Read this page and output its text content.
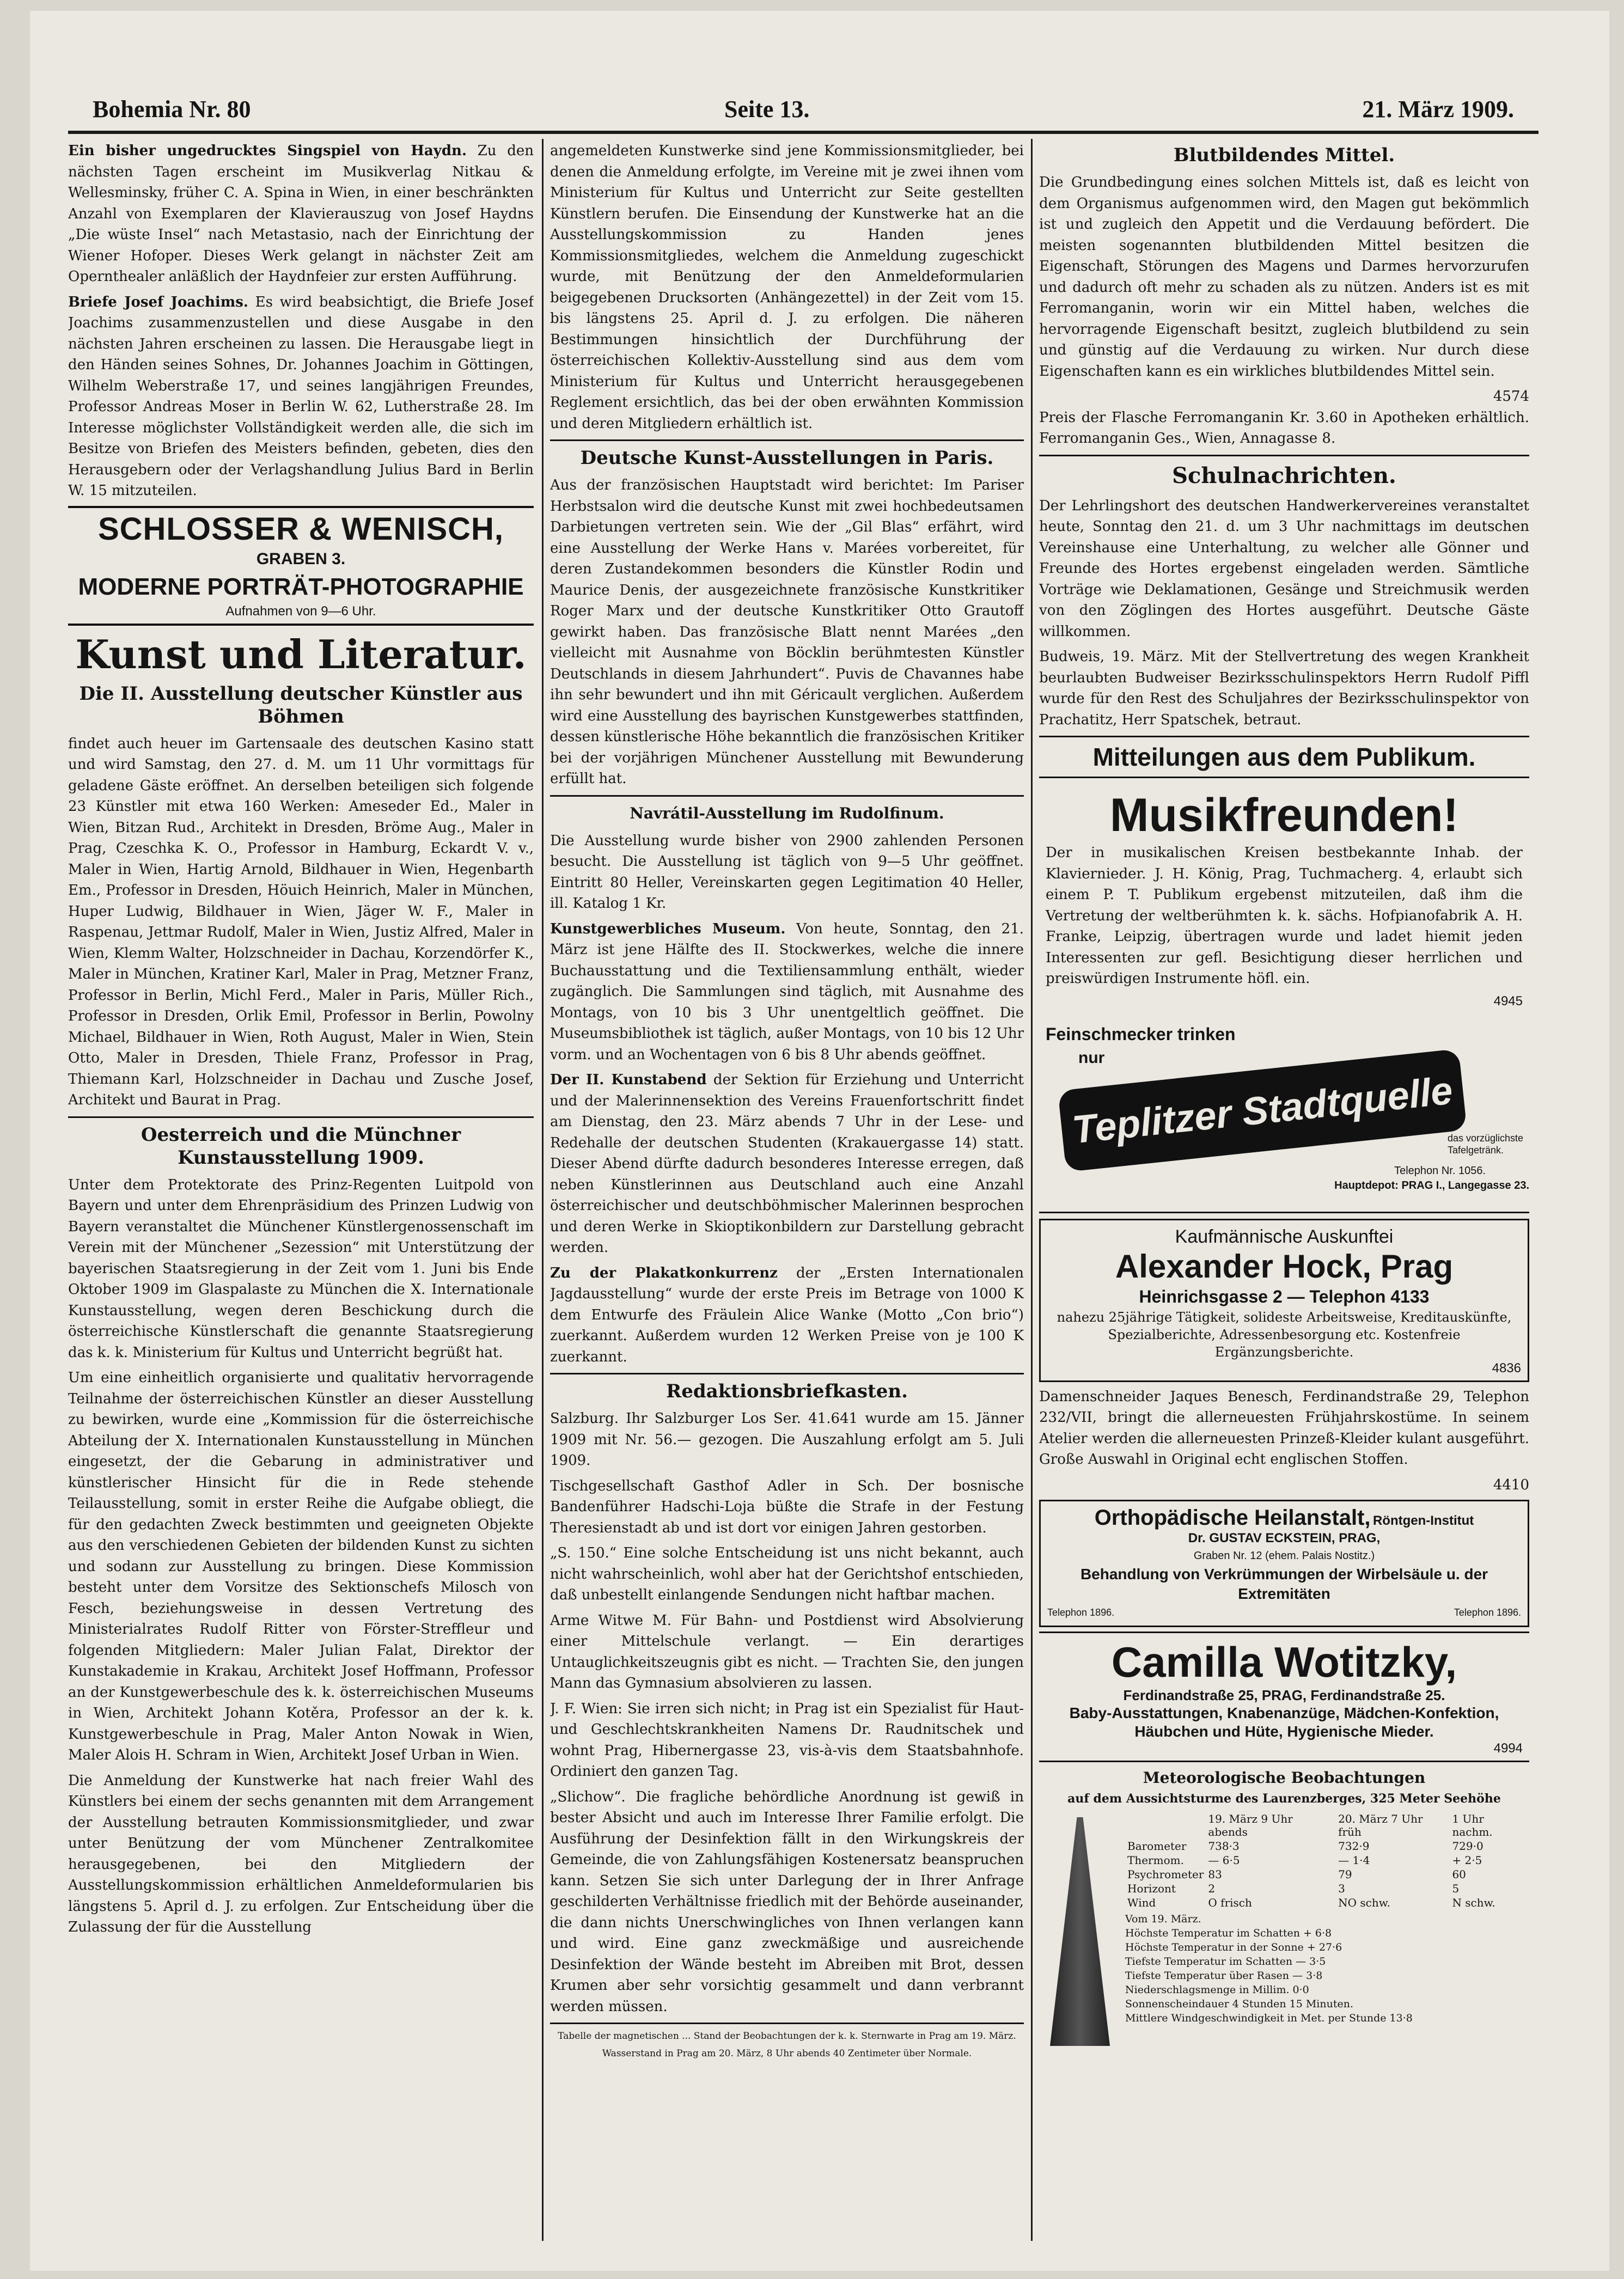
Bohemia Nr. 80	Seite 13.	21. März 1909.

Ein bisher ungedrucktes Singspiel von Haydn. Zu den nächsten Tagen erscheint im Musikverlag Nitkau & Wellesminsky, früher C. A. Spina in Wien, in einer beschränkten Anzahl von Exemplaren der Klavierauszug von Josef Haydns „Die wüste Insel“ nach Metastasio, nach der Einrichtung der Wiener Hofoper. Dieses Werk gelangt in nächster Zeit am Opernthealer anläßlich der Haydnfeier zur ersten Aufführung.

Briefe Josef Joachims. Es wird beabsichtigt, die Briefe Josef Joachims zusammenzustellen und diese Ausgabe in den nächsten Jahren erscheinen zu lassen. Die Herausgabe liegt in den Händen seines Sohnes, Dr. Johannes Joachim in Göttingen, Wilhelm Weberstraße 17, und seines langjährigen Freundes, Professor Andreas Moser in Berlin W. 62, Lutherstraße 28. Im Interesse möglichster Vollständigkeit werden alle, die sich im Besitze von Briefen des Meisters befinden, gebeten, dies den Herausgebern oder der Verlagshandlung Julius Bard in Berlin W. 15 mitzuteilen.

SCHLOSSER & WENISCH,
GRABEN 3.
MODERNE PORTRÄT-PHOTOGRAPHIE
Aufnahmen von 9—6 Uhr.
Kunst und Literatur.
Die II. Ausstellung deutscher Künstler aus Böhmen

findet auch heuer im Gartensaale des deutschen Kasino statt und wird Samstag, den 27. d. M. um 11 Uhr vormittags für geladene Gäste eröffnet. An derselben beteiligen sich folgende 23 Künstler mit etwa 160 Werken: Ameseder Ed., Maler in Wien, Bitzan Rud., Architekt in Dresden, Bröme Aug., Maler in Prag, Czeschka K. O., Professor in Hamburg, Eckardt V. v., Maler in Wien, Hartig Arnold, Bildhauer in Wien, Hegenbarth Em., Professor in Dresden, Höuich Heinrich, Maler in München, Huper Ludwig, Bildhauer in Wien, Jäger W. F., Maler in Raspenau, Jettmar Rudolf, Maler in Wien, Justiz Alfred, Maler in Wien, Klemm Walter, Holzschneider in Dachau, Korzendörfer K., Maler in München, Kratiner Karl, Maler in Prag, Metzner Franz, Professor in Berlin, Michl Ferd., Maler in Paris, Müller Rich., Professor in Dresden, Orlik Emil, Professor in Berlin, Powolny Michael, Bildhauer in Wien, Roth August, Maler in Wien, Stein Otto, Maler in Dresden, Thiele Franz, Professor in Prag, Thiemann Karl, Holzschneider in Dachau und Zusche Josef, Architekt und Baurat in Prag.

Oesterreich und die Münchner Kunstausstellung 1909.

Unter dem Protektorate des Prinz-Regenten Luitpold von Bayern und unter dem Ehrenpräsidium des Prinzen Ludwig von Bayern veranstaltet die Münchener Künstlergenossenschaft im Verein mit der Münchener „Sezession“ mit Unterstützung der bayerischen Staatsregierung in der Zeit vom 1. Juni bis Ende Oktober 1909 im Glaspalaste zu München die X. Internationale Kunstausstellung, wegen deren Beschickung durch die österreichische Künstlerschaft die genannte Staatsregierung das k. k. Ministerium für Kultus und Unterricht begrüßt hat.

Um eine einheitlich organisierte und qualitativ hervorragende Teilnahme der österreichischen Künstler an dieser Ausstellung zu bewirken, wurde eine „Kommission für die österreichische Abteilung der X. Internationalen Kunstausstellung in München eingesetzt, der die Gebarung in administrativer und künstlerischer Hinsicht für die in Rede stehende Teilausstellung, somit in erster Reihe die Aufgabe obliegt, die für den gedachten Zweck bestimmten und geeigneten Objekte aus den verschiedenen Gebieten der bildenden Kunst zu sichten und sodann zur Ausstellung zu bringen. Diese Kommission besteht unter dem Vorsitze des Sektionschefs Milosch von Fesch, beziehungsweise in dessen Vertretung des Ministerialrates Rudolf Ritter von Förster-Streffleur und folgenden Mitgliedern: Maler Julian Falat, Direktor der Kunstakademie in Krakau, Architekt Josef Hoffmann, Professor an der Kunstgewerbeschule des k. k. österreichischen Museums in Wien, Architekt Johann Kotěra, Professor an der k. k. Kunstgewerbeschule in Prag, Maler Anton Nowak in Wien, Maler Alois H. Schram in Wien, Architekt Josef Urban in Wien.

Die Anmeldung der Kunstwerke hat nach freier Wahl des Künstlers bei einem der sechs genannten mit dem Arrangement der Ausstellung betrauten Kommissionsmitglieder, und zwar unter Benützung der vom Münchener Zentralkomitee herausgegebenen, bei den Mitgliedern der Ausstellungskommission erhältlichen Anmeldeformularien bis längstens 5. April d. J. zu erfolgen. Zur Entscheidung über die Zulassung der für die Ausstellung

angemeldeten Kunstwerke sind jene Kommissionsmitglieder, bei denen die Anmeldung erfolgte, im Vereine mit je zwei ihnen vom Ministerium für Kultus und Unterricht zur Seite gestellten Künstlern berufen. Die Einsendung der Kunstwerke hat an die Ausstellungskommission zu Handen jenes Kommissionsmitgliedes, welchem die Anmeldung zugeschickt wurde, mit Benützung der den Anmeldeformularien beigegebenen Drucksorten (Anhängezettel) in der Zeit vom 15. bis längstens 25. April d. J. zu erfolgen. Die näheren Bestimmungen hinsichtlich der Durchführung der österreichischen Kollektiv-Ausstellung sind aus dem vom Ministerium für Kultus und Unterricht herausgegebenen Reglement ersichtlich, das bei der oben erwähnten Kommission und deren Mitgliedern erhältlich ist.

Deutsche Kunst-Ausstellungen in Paris.

Aus der französischen Hauptstadt wird berichtet: Im Pariser Herbstsalon wird die deutsche Kunst mit zwei hochbedeutsamen Darbietungen vertreten sein. Wie der „Gil Blas“ erfährt, wird eine Ausstellung der Werke Hans v. Marées vorbereitet, für deren Zustandekommen besonders die Künstler Rodin und Maurice Denis, der ausgezeichnete französische Kunstkritiker Roger Marx und der deutsche Kunstkritiker Otto Grautoff gewirkt haben. Das französische Blatt nennt Marées „den vielleicht mit Ausnahme von Böcklin berühmtesten Künstler Deutschlands in diesem Jahrhundert“. Puvis de Chavannes habe ihn sehr bewundert und ihn mit Géricault verglichen. Außerdem wird eine Ausstellung des bayrischen Kunstgewerbes stattfinden, dessen künstlerische Höhe bekanntlich die französischen Kritiker bei der vorjährigen Münchener Ausstellung mit Bewunderung erfüllt hat.

Navrátil-Ausstellung im Rudolfinum.

Die Ausstellung wurde bisher von 2900 zahlenden Personen besucht. Die Ausstellung ist täglich von 9—5 Uhr geöffnet. Eintritt 80 Heller, Vereinskarten gegen Legitimation 40 Heller, ill. Katalog 1 Kr.

Kunstgewerbliches Museum. Von heute, Sonntag, den 21. März ist jene Hälfte des II. Stockwerkes, welche die innere Buchausstattung und die Textiliensammlung enthält, wieder zugänglich. Die Sammlungen sind täglich, mit Ausnahme des Montags, von 10 bis 3 Uhr unentgeltlich geöffnet. Die Museumsbibliothek ist täglich, außer Montags, von 10 bis 12 Uhr vorm. und an Wochentagen von 6 bis 8 Uhr abends geöffnet.

Der II. Kunstabend der Sektion für Erziehung und Unterricht und der Malerinnensektion des Vereins Frauenfortschritt findet am Dienstag, den 23. März abends 7 Uhr in der Lese- und Redehalle der deutschen Studenten (Krakauergasse 14) statt. Dieser Abend dürfte dadurch besonderes Interesse erregen, daß neben Künstlerinnen aus Deutschland auch eine Anzahl österreichischer und deutschböhmischer Malerinnen besprochen und deren Werke in Skioptikonbildern zur Darstellung gebracht werden.

Zu der Plakatkonkurrenz der „Ersten Internationalen Jagdausstellung“ wurde der erste Preis im Betrage von 1000 K dem Entwurfe des Fräulein Alice Wanke (Motto „Con brio“) zuerkannt. Außerdem wurden 12 Werken Preise von je 100 K zuerkannt.

Redaktionsbriefkasten.

Salzburg. Ihr Salzburger Los Ser. 41.641 wurde am 15. Jänner 1909 mit Nr. 56.— gezogen. Die Auszahlung erfolgt am 5. Juli 1909.

Tischgesellschaft Gasthof Adler in Sch. Der bosnische Bandenführer Hadschi-Loja büßte die Strafe in der Festung Theresienstadt ab und ist dort vor einigen Jahren gestorben.

„S. 150.“ Eine solche Entscheidung ist uns nicht bekannt, auch nicht wahrscheinlich, wohl aber hat der Gerichtshof entschieden, daß unbestellt einlangende Sendungen nicht haftbar machen.

Arme Witwe M. Für Bahn- und Postdienst wird Absolvierung einer Mittelschule verlangt. — Ein derartiges Untauglichkeitszeugnis gibt es nicht. — Trachten Sie, den jungen Mann das Gymnasium absolvieren zu lassen.

J. F. Wien: Sie irren sich nicht; in Prag ist ein Spezialist für Haut- und Geschlechtskrankheiten Namens Dr. Raudnitschek und wohnt Prag, Hibernergasse 23, vis-à-vis dem Staatsbahnhofe. Ordiniert den ganzen Tag.

„Slichow“. Die fragliche behördliche Anordnung ist gewiß in bester Absicht und auch im Interesse Ihrer Familie erfolgt. Die Ausführung der Desinfektion fällt in den Wirkungskreis der Gemeinde, die von Zahlungsfähigen Kostenersatz beanspruchen kann. Setzen Sie sich unter Darlegung der in Ihrer Anfrage geschilderten Verhältnisse friedlich mit der Behörde auseinander, die dann nichts Unerschwingliches von Ihnen verlangen kann und wird. Eine ganz zweckmäßige und ausreichende Desinfektion der Wände besteht im Abreiben mit Brot, dessen Krumen aber sehr vorsichtig gesammelt und dann verbrannt werden müssen.

Tabelle der magnetischen ... Stand der Beobachtungen der k. k. Sternwarte in Prag am 19. März.

Wasserstand in Prag am 20. März, 8 Uhr abends 40 Zentimeter über Normale.

Blutbildendes Mittel.

Die Grundbedingung eines solchen Mittels ist, daß es leicht von dem Organismus aufgenommen wird, den Magen gut bekömmlich ist und zugleich den Appetit und die Verdauung befördert. Die meisten sogenannten blutbildenden Mittel besitzen die Eigenschaft, Störungen des Magens und Darmes hervorzurufen und dadurch oft mehr zu schaden als zu nützen. Anders ist es mit Ferromanganin, worin wir ein Mittel haben, welches die hervorragende Eigenschaft besitzt, zugleich blutbildend zu sein und günstig auf die Verdauung zu wirken. Nur durch diese Eigenschaften kann es ein wirkliches blutbildendes Mittel sein.

4574

Preis der Flasche Ferromanganin Kr. 3.60 in Apotheken erhältlich. Ferromanganin Ges., Wien, Annagasse 8.

Schulnachrichten.

Der Lehrlingshort des deutschen Handwerkervereines veranstaltet heute, Sonntag den 21. d. um 3 Uhr nachmittags im deutschen Vereinshause eine Unterhaltung, zu welcher alle Gönner und Freunde des Hortes ergebenst eingeladen werden. Sämtliche Vorträge wie Deklamationen, Gesänge und Streichmusik werden von den Zöglingen des Hortes ausgeführt. Deutsche Gäste willkommen.

Budweis, 19. März. Mit der Stellvertretung des wegen Krankheit beurlaubten Budweiser Bezirksschulinspektors Herrn Rudolf Piffl wurde für den Rest des Schuljahres der Bezirksschulinspektor von Prachatitz, Herr Spatschek, betraut.

Mitteilungen aus dem Publikum.
Musikfreunden!

Der in musikalischen Kreisen bestbekannte Inhab. der Klaviernieder. J. H. König, Prag, Tuchmacherg. 4, erlaubt sich einem P. T. Publikum ergebenst mitzuteilen, daß ihm die Vertretung der weltberühmten k. k. sächs. Hofpianofabrik A. H. Franke, Leipzig, übertragen wurde und ladet hiemit jeden Interessenten zur gefl. Besichtigung dieser herrlichen und preiswürdigen Instrumente höfl. ein.

4945
Feinschmecker trinken
nur
Teplitzer Stadtquelle
das vorzüglichste Tafelgetränk.
Telephon Nr. 1056.
Hauptdepot: PRAG I., Langegasse 23.
Kaufmännische Auskunftei
Alexander Hock, Prag
Heinrichsgasse 2 — Telephon 4133
nahezu 25jährige Tätigkeit, solideste Arbeitsweise, Kreditauskünfte, Spezialberichte, Adressenbesorgung etc. Kostenfreie Ergänzungsberichte.
4836

Damenschneider Jaques Benesch, Ferdinandstraße 29, Telephon 232/VII, bringt die allerneuesten Frühjahrskostüme. In seinem Atelier werden die allerneuesten Prinzeß-Kleider kulant ausgeführt. Große Auswahl in Original echt englischen Stoffen.

4410

Orthopädische Heilanstalt, Röntgen-Institut
Dr. GUSTAV ECKSTEIN, PRAG,
Graben Nr. 12 (ehem. Palais Nostitz.)
Behandlung von Verkrümmungen der Wirbelsäule u. der Extremitäten
Telephon 1896.	Telephon 1896.
Camilla Wotitzky,
Ferdinandstraße 25, PRAG, Ferdinandstraße 25.
Baby-Ausstattungen, Knabenanzüge, Mädchen-Konfektion, Häubchen und Hüte, Hygienische Mieder.
4994
Meteorologische Beobachtungen
auf dem Aussichtsturme des Laurenzberges, 325 Meter Seehöhe
	19. März 9 Uhr abends	20. März 7 Uhr früh	1 Uhr nachm.
Barometer	738·3	732·9	729·0
Thermom.	— 6·5	— 1·4	+ 2·5
Psychrometer	83	79	60
Horizont	2	3	5
Wind	O frisch	NO schw.	N schw.
Vom 19. März.
Höchste Temperatur im Schatten + 6·8
Höchste Temperatur in der Sonne + 27·6
Tiefste Temperatur im Schatten — 3·5
Tiefste Temperatur über Rasen — 3·8
Niederschlagsmenge in Millim. 0·0
Sonnenscheindauer 4 Stunden 15 Minuten.
Mittlere Windgeschwindigkeit in Met. per Stunde 13·8
